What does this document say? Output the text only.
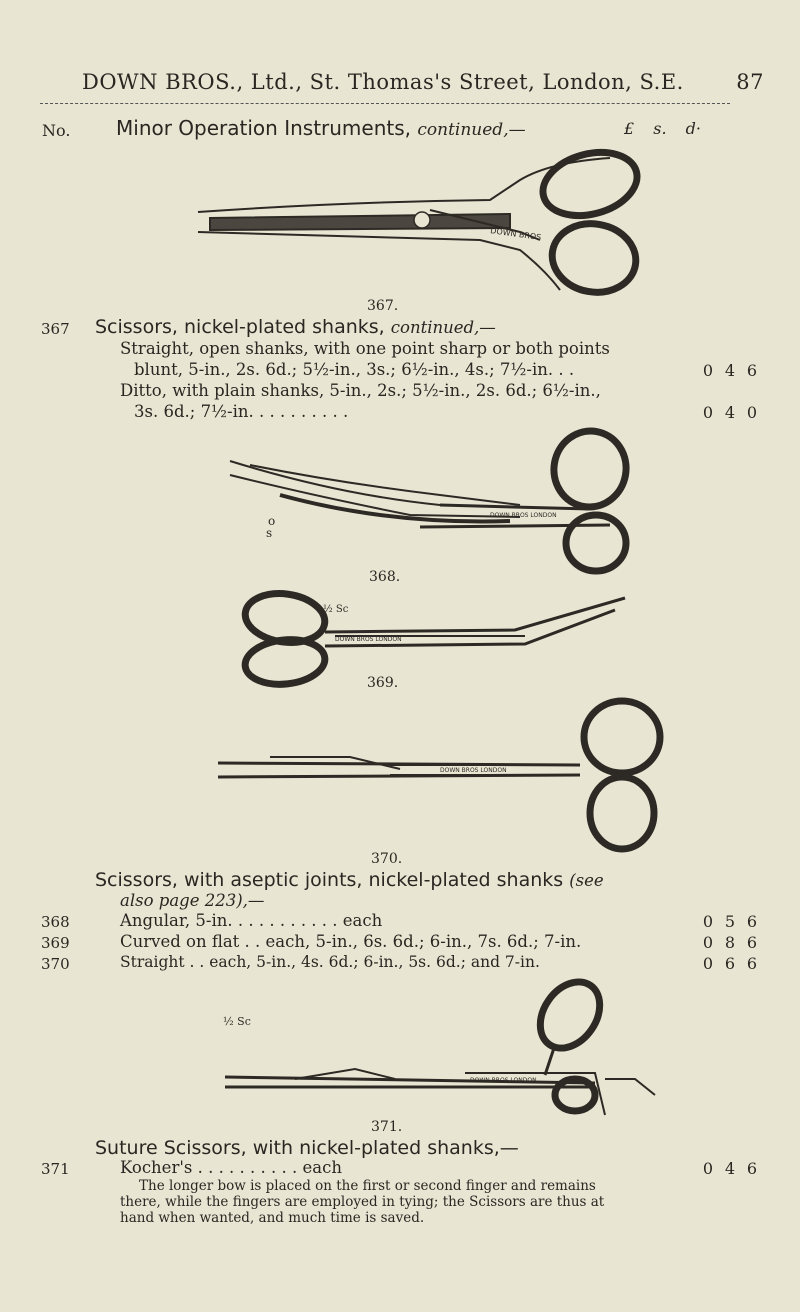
DOWN BROS., Ltd., St. Thomas's Street, London, S.E. 87
No. Minor Operation Instruments, continued,—	£ s. d·
DOWN BROS
367.
367 Scissors, nickel-plated shanks, continued,—
Straight, open shanks, with one point sharp or both points
blunt, 5-in., 2s. 6d.; 5½-in., 3s.; 6½-in., 4s.; 7½-in. . .	0 4 6
Ditto, with plain shanks, 5-in., 2s.; 5½-in., 2s. 6d.; 6½-in.,
3s. 6d.; 7½-in. . . . . . . . . .	0 4 0
o
s
DOWN BROS LONDON
368.
DOWN BROS LONDON
½ Sc
369.
DOWN BROS LONDON
370.
Scissors, with aseptic joints, nickel-plated shanks (see
also page 223),—
368	Angular, 5-in. . . . . . . . . . . each	0 5 6
369	Curved on flat . . each, 5-in., 6s. 6d.; 6-in., 7s. 6d.; 7-in.	0 8 6
370	Straight . . each, 5-in., 4s. 6d.; 6-in., 5s. 6d.; and 7-in.	0 6 6
DOWN BROS LONDON
½ Sc
371.
371
Suture Scissors, with nickel-plated shanks,—
Kocher's . . . . . . . . . . each	0 4 6
The longer bow is placed on the first or second finger and remains
there, while the fingers are employed in tying; the Scissors are thus at
hand when wanted, and much time is saved.
